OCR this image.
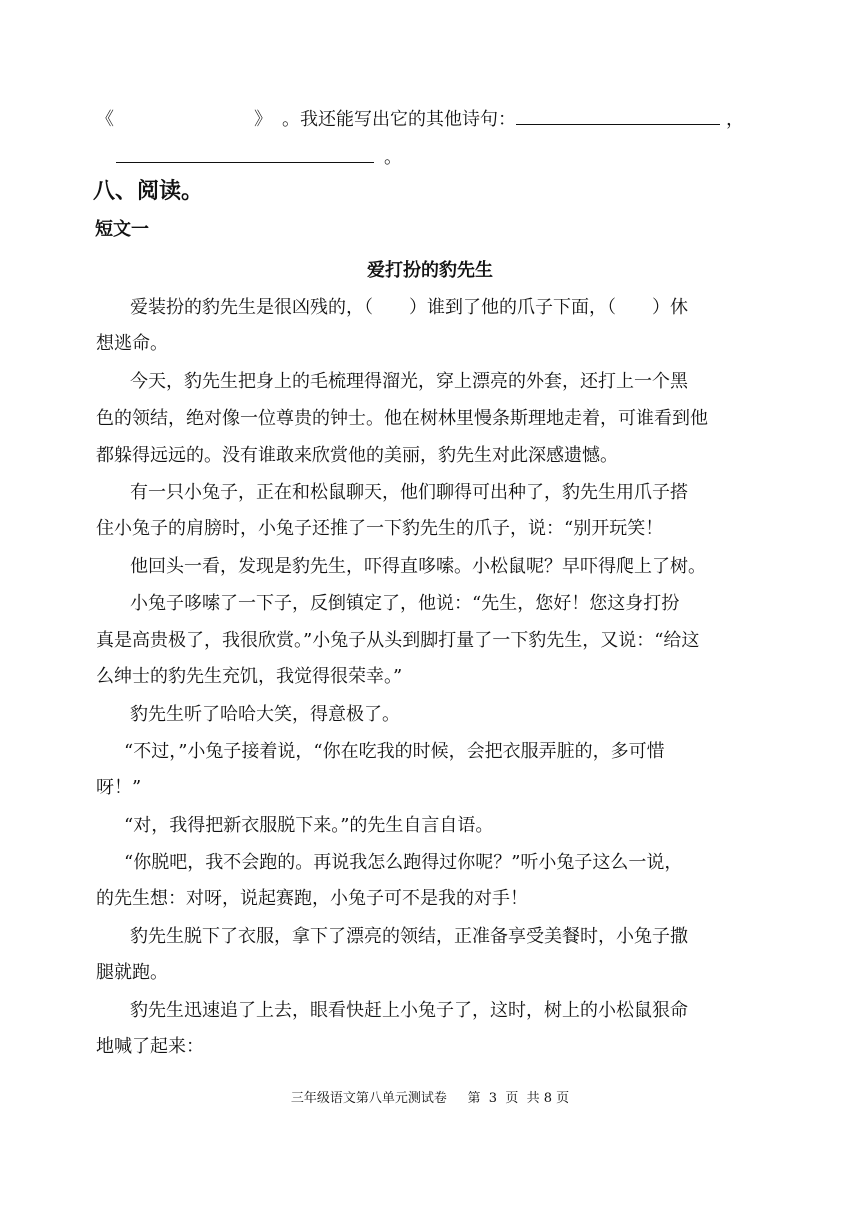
《	》 。我还能写出它的其他诗句：	，
。
八、阅读。
短文一
爱打扮的豹先生
爱装扮的豹先生是很凶残的，（　　）谁到了他的爪子下面，（　　）休
想逃命。
今天，豹先生把身上的毛梳理得溜光，穿上漂亮的外套，还打上一个黑
色的领结，绝对像一位尊贵的钟士。他在树林里慢条斯理地走着，可谁看到他
都躲得远远的。没有谁敢来欣赏他的美丽，豹先生对此深感遗憾。
有一只小兔子，正在和松鼠聊天，他们聊得可出种了，豹先生用爪子搭
住小兔子的肩膀时，小兔子还推了一下豹先生的爪子，说：“别开玩笑！
他回头一看，发现是豹先生，吓得直哆嗦。小松鼠呢？早吓得爬上了树。
小兔子哆嗦了一下子，反倒镇定了，他说：“先生，您好！您这身打扮
真是高贵极了，我很欣赏。”小兔子从头到脚打量了一下豹先生，又说：“给这
么绅士的豹先生充饥，我觉得很荣幸。”
豹先生听了哈哈大笑，得意极了。
“不过，”小兔子接着说，“你在吃我的时候，会把衣服弄脏的，多可惜
呀！”
“对，我得把新衣服脱下来。”的先生自言自语。
“你脱吧，我不会跑的。再说我怎么跑得过你呢？”听小兔子这么一说，
的先生想：对呀，说起赛跑，小兔子可不是我的对手！
豹先生脱下了衣服，拿下了漂亮的领结，正准备享受美餐时，小兔子撒
腿就跑。
豹先生迅速追了上去，眼看快赶上小兔子了，这时，树上的小松鼠狠命
地喊了起来：
三年级语文第八单元测试卷     第  3  页  共 8 页
